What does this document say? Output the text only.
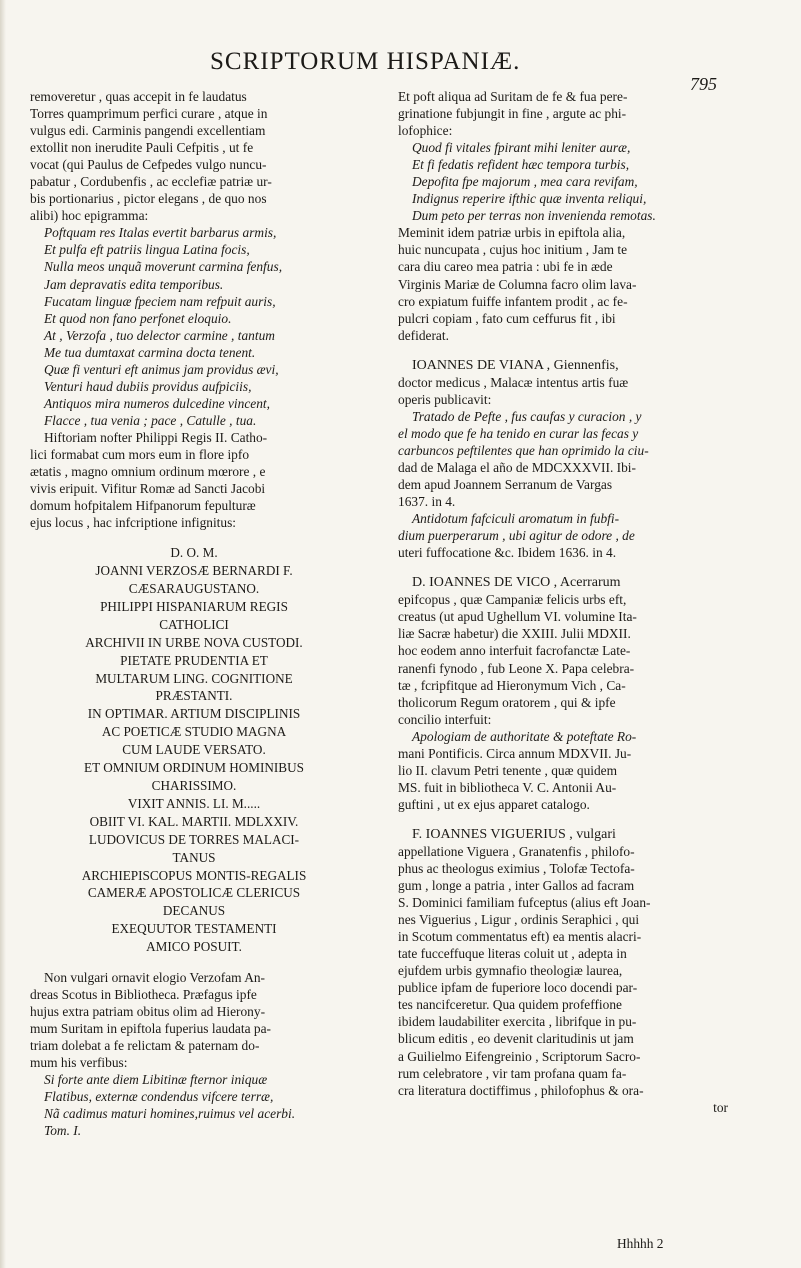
SCRIPTORUM HISPANIÆ.
795
removeretur , quas accepit in fe laudatus
Torres quamprimum perfici curare , atque in
vulgus edi. Carminis pangendi excellentiam
extollit non inerudite Pauli Cefpitis , ut fe
vocat (qui Paulus de Cefpedes vulgo nuncu-
pabatur , Cordubenfis , ac ecclefiæ patriæ ur-
bis portionarius , pictor elegans , de quo nos
alibi) hoc epigramma:
Poftquam res Italas evertit barbarus armis,
Et pulfa eft patriis lingua Latina focis,
Nulla meos unquã moverunt carmina fenfus,
Jam depravatis edita temporibus.
Fucatam linguæ fpeciem nam refpuit auris,
Et quod non fano perfonet eloquio.
At , Verzofa , tuo delector carmine , tantum
Me tua dumtaxat carmina docta tenent.
Quæ fi venturi eft animus jam providus ævi,
Venturi haud dubiis providus aufpiciis,
Antiquos mira numeros dulcedine vincent,
Flacce , tua venia ; pace , Catulle , tua.
Hiftoriam nofter Philippi Regis II. Catho-
lici formabat cum mors eum in flore ipfo
ætatis , magno omnium ordinum mœrore , e
vivis eripuit. Vifitur Romæ ad Sancti Jacobi
domum hofpitalem Hifpanorum fepulturæ
ejus locus , hac infcriptione infignitus:
D. O. M.
JOANNI VERZOSÆ BERNARDI F.
CÆSARAUGUSTANO.
PHILIPPI HISPANIARUM REGIS
CATHOLICI
ARCHIVII IN URBE NOVA CUSTODI.
PIETATE PRUDENTIA ET
MULTARUM LING. COGNITIONE
PRÆSTANTI.
IN OPTIMAR. ARTIUM DISCIPLINIS
AC POETICÆ STUDIO MAGNA
CUM LAUDE VERSATO.
ET OMNIUM ORDINUM HOMINIBUS
CHARISSIMO.
VIXIT ANNIS. LI. M.....
OBIIT VI. KAL. MARTII. MDLXXIV.
LUDOVICUS DE TORRES MALACI-
TANUS
ARCHIEPISCOPUS MONTIS-REGALIS
CAMERÆ APOSTOLICÆ CLERICUS
DECANUS
EXEQUUTOR TESTAMENTI
AMICO POSUIT.
Non vulgari ornavit elogio Verzofam An-
dreas Scotus in Bibliotheca. Præfagus ipfe
hujus extra patriam obitus olim ad Hierony-
mum Suritam in epiftola fuperius laudata pa-
triam dolebat a fe relictam & paternam do-
mum his verfibus:
Si forte ante diem Libitinæ fternor iniquæ
Flatibus, externæ condendus vifcere terræ,
Nã cadimus maturi homines,ruimus vel acerbi.
Tom. I.
Et poft aliqua ad Suritam de fe & fua pere-
grinatione fubjungit in fine , argute ac phi-
lofophice:
Quod fi vitales fpirant mihi leniter auræ,
Et fi fedatis refident hæc tempora turbis,
Depofita fpe majorum , mea cara revifam,
Indignus reperire ifthic quæ inventa reliqui,
Dum peto per terras non invenienda remotas.
Meminit idem patriæ urbis in epiftola alia,
huic nuncupata , cujus hoc initium , Jam te
cara diu careo mea patria : ubi fe in æde
Virginis Mariæ de Columna facro olim lava-
cro expiatum fuiffe infantem prodit , ac fe-
pulcri copiam , fato cum ceffurus fit , ibi
defiderat.
IOANNES DE VIANA , Giennenfis,
doctor medicus , Malacæ intentus artis fuæ
operis publicavit:
Tratado de Pefte , fus caufas y curacion , y
el modo que fe ha tenido en curar las fecas y
carbuncos peftilentes que han oprimido la ciu-
dad de Malaga el año de MDCXXXVII. Ibi-
dem apud Joannem Serranum de Vargas
1637. in 4.
Antidotum fafciculi aromatum in fubfi-
dium puerperarum , ubi agitur de odore , de
uteri fuffocatione &c. Ibidem 1636. in 4.
D. IOANNES DE VICO , Acerrarum
epifcopus , quæ Campaniæ felicis urbs eft,
creatus (ut apud Ughellum VI. volumine Ita-
liæ Sacræ habetur) die XXIII. Julii MDXII.
hoc eodem anno interfuit facrofanctæ Late-
ranenfi fynodo , fub Leone X. Papa celebra-
tæ , fcripfitque ad Hieronymum Vich , Ca-
tholicorum Regum oratorem , qui & ipfe
concilio interfuit:
Apologiam de authoritate & poteftate Ro-
mani Pontificis. Circa annum MDXVII. Ju-
lio II. clavum Petri tenente , quæ quidem
MS. fuit in bibliotheca V. C. Antonii Au-
guftini , ut ex ejus apparet catalogo.
F. IOANNES VIGUERIUS , vulgari
appellatione Viguera , Granatenfis , philofo-
phus ac theologus eximius , Tolofæ Tectofa-
gum , longe a patria , inter Gallos ad facram
S. Dominici familiam fufceptus (alius eft Joan-
nes Viguerius , Ligur , ordinis Seraphici , qui
in Scotum commentatus eft) ea mentis alacri-
tate fucceffuque literas coluit ut , adepta in
ejufdem urbis gymnafio theologiæ laurea,
publice ipfam de fuperiore loco docendi par-
tes nancifceretur. Qua quidem profeffione
ibidem laudabiliter exercita , librifque in pu-
blicum editis , eo devenit claritudinis ut jam
a Guilielmo Eifengreinio , Scriptorum Sacro-
rum celebratore , vir tam profana quam fa-
cra literatura doctiffimus , philofophus & ora-
tor
Hhhhh 2
